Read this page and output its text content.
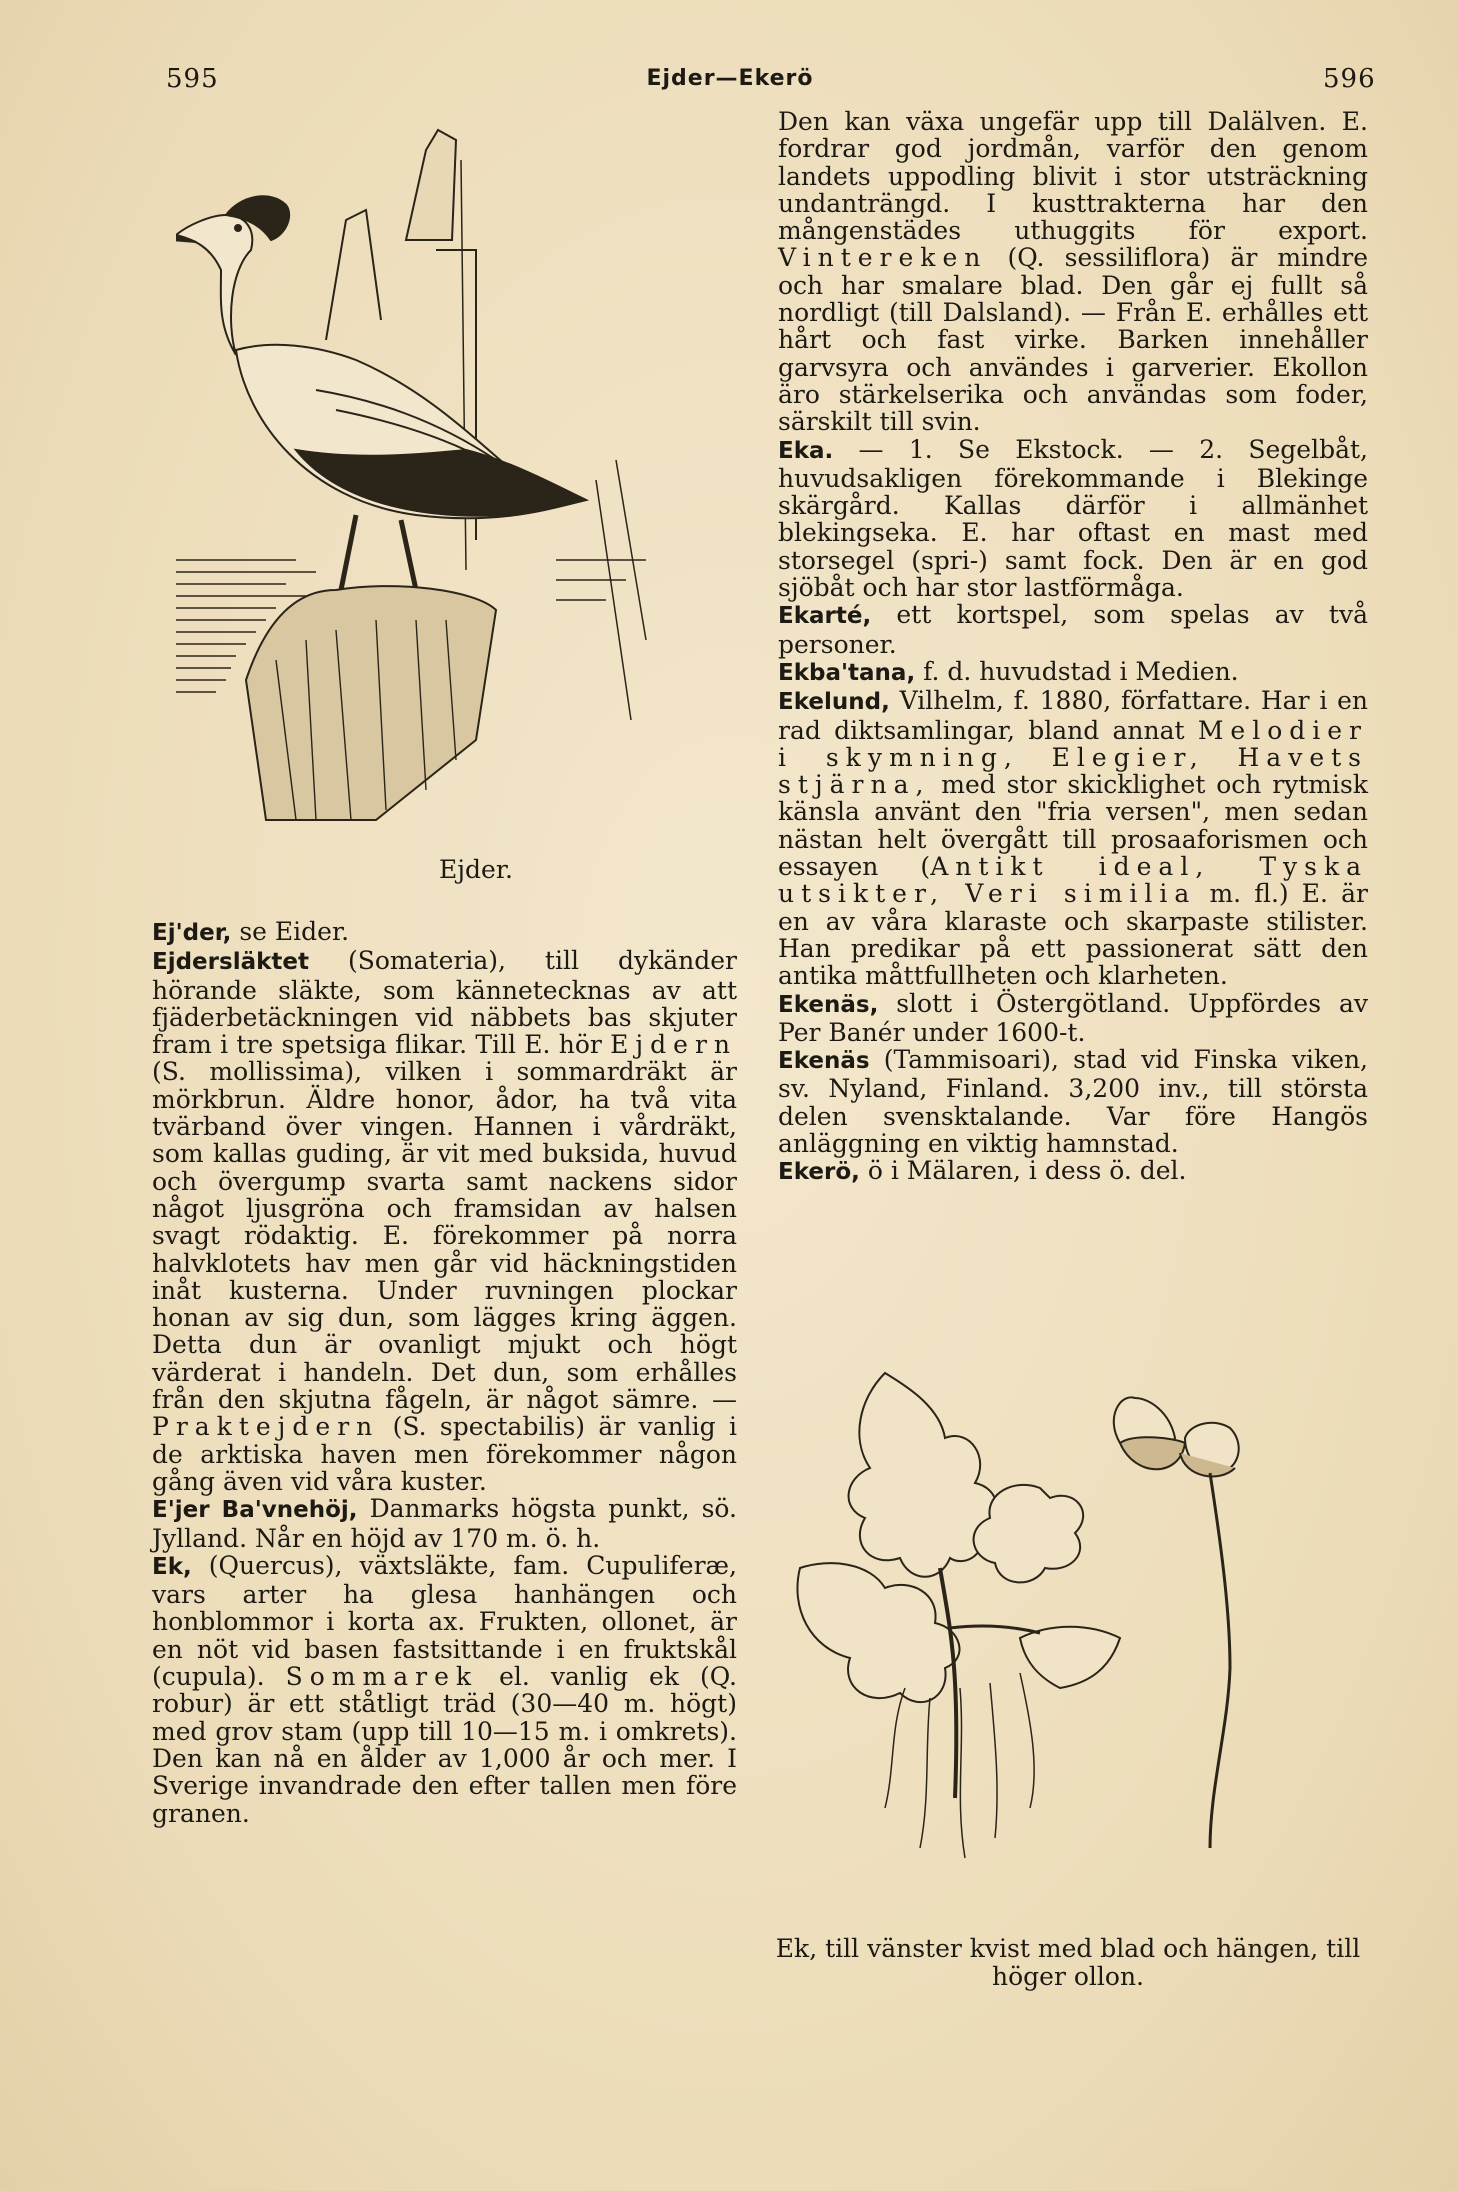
595	Ejder—Ekerö	596
Ejder.

Ej'der, se Eider.

Ejdersläktet (Somateria), till dykänder hörande släkte, som kännetecknas av att fjäderbetäckningen vid näbbets bas skjuter fram i tre spetsiga flikar. Till E. hör Ejdern (S. mollissima), vilken i sommardräkt är mörkbrun. Äldre honor, ådor, ha två vita tvärband över vingen. Hannen i vårdräkt, som kallas guding, är vit med buksida, huvud och övergump svarta samt nackens sidor något ljusgröna och framsidan av halsen svagt rödaktig. E. förekommer på norra halvklotets hav men går vid häckningstiden inåt kusterna. Under ruvningen plockar honan av sig dun, som lägges kring äggen. Detta dun är ovanligt mjukt och högt värderat i handeln. Det dun, som erhålles från den skjutna fågeln, är något sämre. — Praktejdern (S. spectabilis) är vanlig i de arktiska haven men förekommer någon gång även vid våra kuster.

E'jer Ba'vnehöj, Danmarks högsta punkt, sö. Jylland. Når en höjd av 170 m. ö. h.

Ek, (Quercus), växtsläkte, fam. Cupuliferæ, vars arter ha glesa hanhängen och honblommor i korta ax. Frukten, ollonet, är en nöt vid basen fastsittande i en fruktskål (cupula). Sommarek el. vanlig ek (Q. robur) är ett ståtligt träd (30—40 m. högt) med grov stam (upp till 10—15 m. i omkrets). Den kan nå en ålder av 1,000 år och mer. I Sverige invandrade den efter tallen men före granen.

Den kan växa ungefär upp till Dalälven. E. fordrar god jordmån, varför den genom landets uppodling blivit i stor utsträckning undanträngd. I kusttrakterna har den mångenstädes uthuggits för export. Vintereken (Q. sessiliflora) är mindre och har smalare blad. Den går ej fullt så nordligt (till Dalsland). — Från E. erhålles ett hårt och fast virke. Barken innehåller garvsyra och användes i garverier. Ekollon äro stärkelserika och användas som foder, särskilt till svin.

Eka. — 1. Se Ekstock. — 2. Segelbåt, huvudsakligen förekommande i Blekinge skärgård. Kallas därför i allmänhet blekingseka. E. har oftast en mast med storsegel (spri-) samt fock. Den är en god sjöbåt och har stor lastförmåga.

Ekarté, ett kortspel, som spelas av två personer.

Ekba'tana, f. d. huvudstad i Medien.

Ekelund, Vilhelm, f. 1880, författare. Har i en rad diktsamlingar, bland annat Melodier i skymning, Elegier, Havets stjärna, med stor skicklighet och rytmisk känsla använt den "fria versen", men sedan nästan helt övergått till prosaaforismen och essayen (Antikt ideal, Tyska utsikter, Veri similia m. fl.) E. är en av våra klaraste och skarpaste stilister. Han predikar på ett passionerat sätt den antika måttfullheten och klarheten.

Ekenäs, slott i Östergötland. Uppfördes av Per Banér under 1600-t.

Ekenäs (Tammisoari), stad vid Finska viken, sv. Nyland, Finland. 3,200 inv., till största delen svensktalande. Var före Hangös anläggning en viktig hamnstad.

Ekerö, ö i Mälaren, i dess ö. del.

Ek, till vänster kvist med blad och hängen, till höger ollon.
